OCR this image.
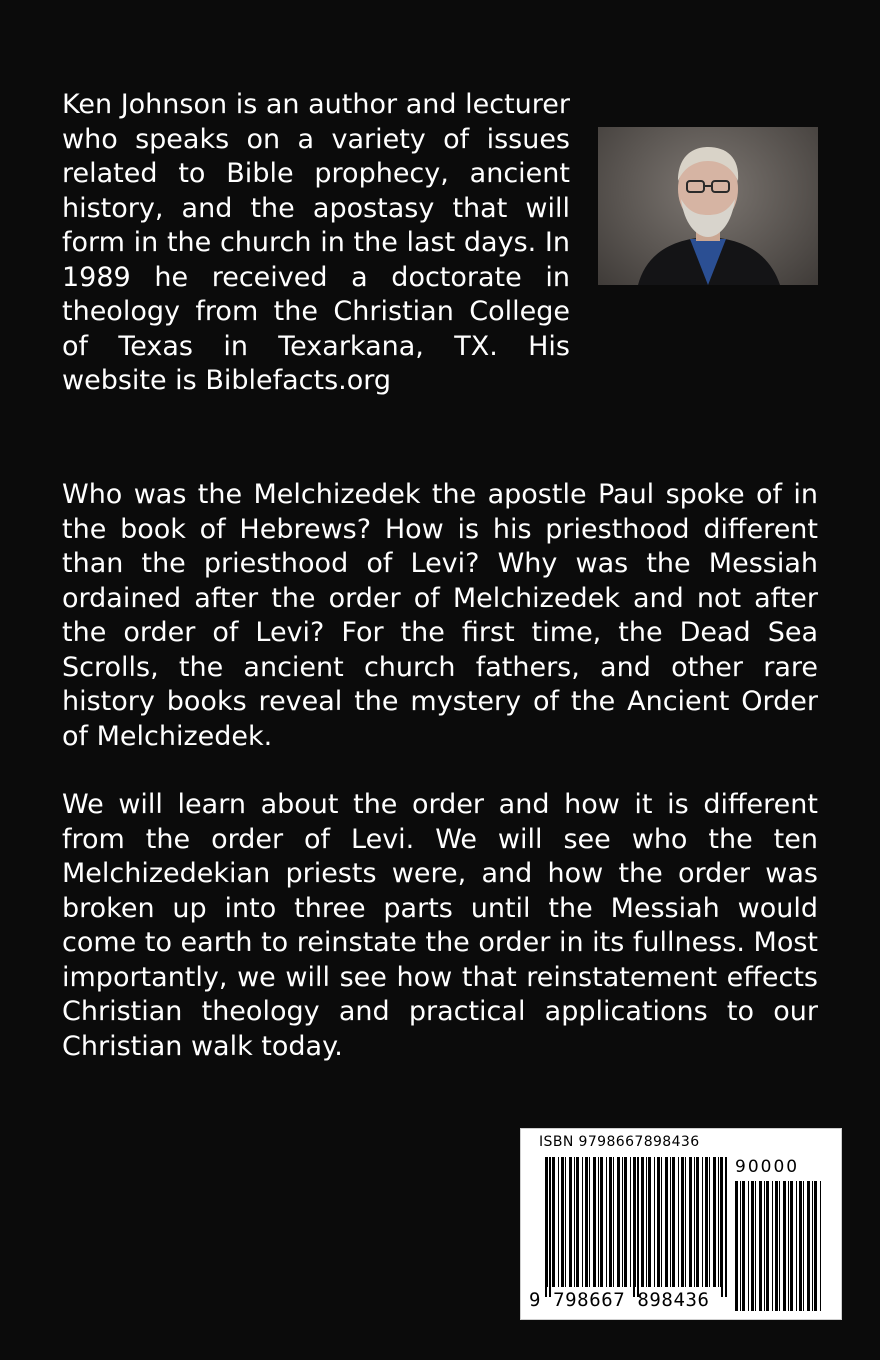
Ken Johnson is an author and lecturer who speaks on a variety of issues related to Bible prophecy, ancient history, and the apostasy that will form in the church in the last days. In 1989 he received a doctorate in theology from the Christian College of Texas in Texarkana, TX. His website is Biblefacts.org

Who was the Melchizedek the apostle Paul spoke of in the book of Hebrews? How is his priesthood different than the priesthood of Levi? Why was the Messiah ordained after the order of Melchizedek and not after the order of Levi? For the first time, the Dead Sea Scrolls, the ancient church fathers, and other rare history books reveal the mystery of the Ancient Order of Melchizedek.

We will learn about the order and how it is different from the order of Levi. We will see who the ten Melchizedekian priests were, and how the order was broken up into three parts until the Messiah would come to earth to reinstate the order in its fullness. Most importantly, we will see how that reinstatement effects Christian theology and practical applications to our Christian walk today.

ISBN 9798667898436
90000
9 798667 898436
